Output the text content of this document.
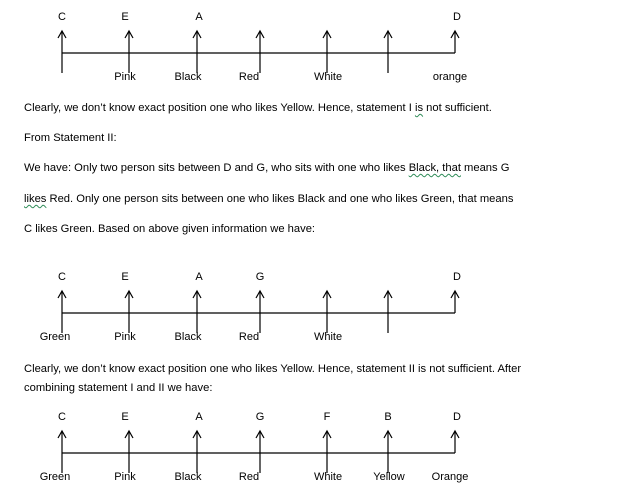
C	E	A	D
Pink	Black	Red	White	orange
Clearly, we don’t know exact position one who likes Yellow. Hence, statement I is not sufficient.
From Statement II:
We have: Only two person sits between D and G, who sits with one who likes Black, that means G
likes Red. Only one person sits between one who likes Black and one who likes Green, that means
C likes Green. Based on above given information we have:
C	E	A	G	D
Green	Pink	Black	Red	White
Clearly, we don’t know exact position one who likes Yellow. Hence, statement II is not sufficient. After
combining statement I and II we have:
C	E	A	G	F	B	D
Green	Pink	Black	Red	White	Yellow Orange
